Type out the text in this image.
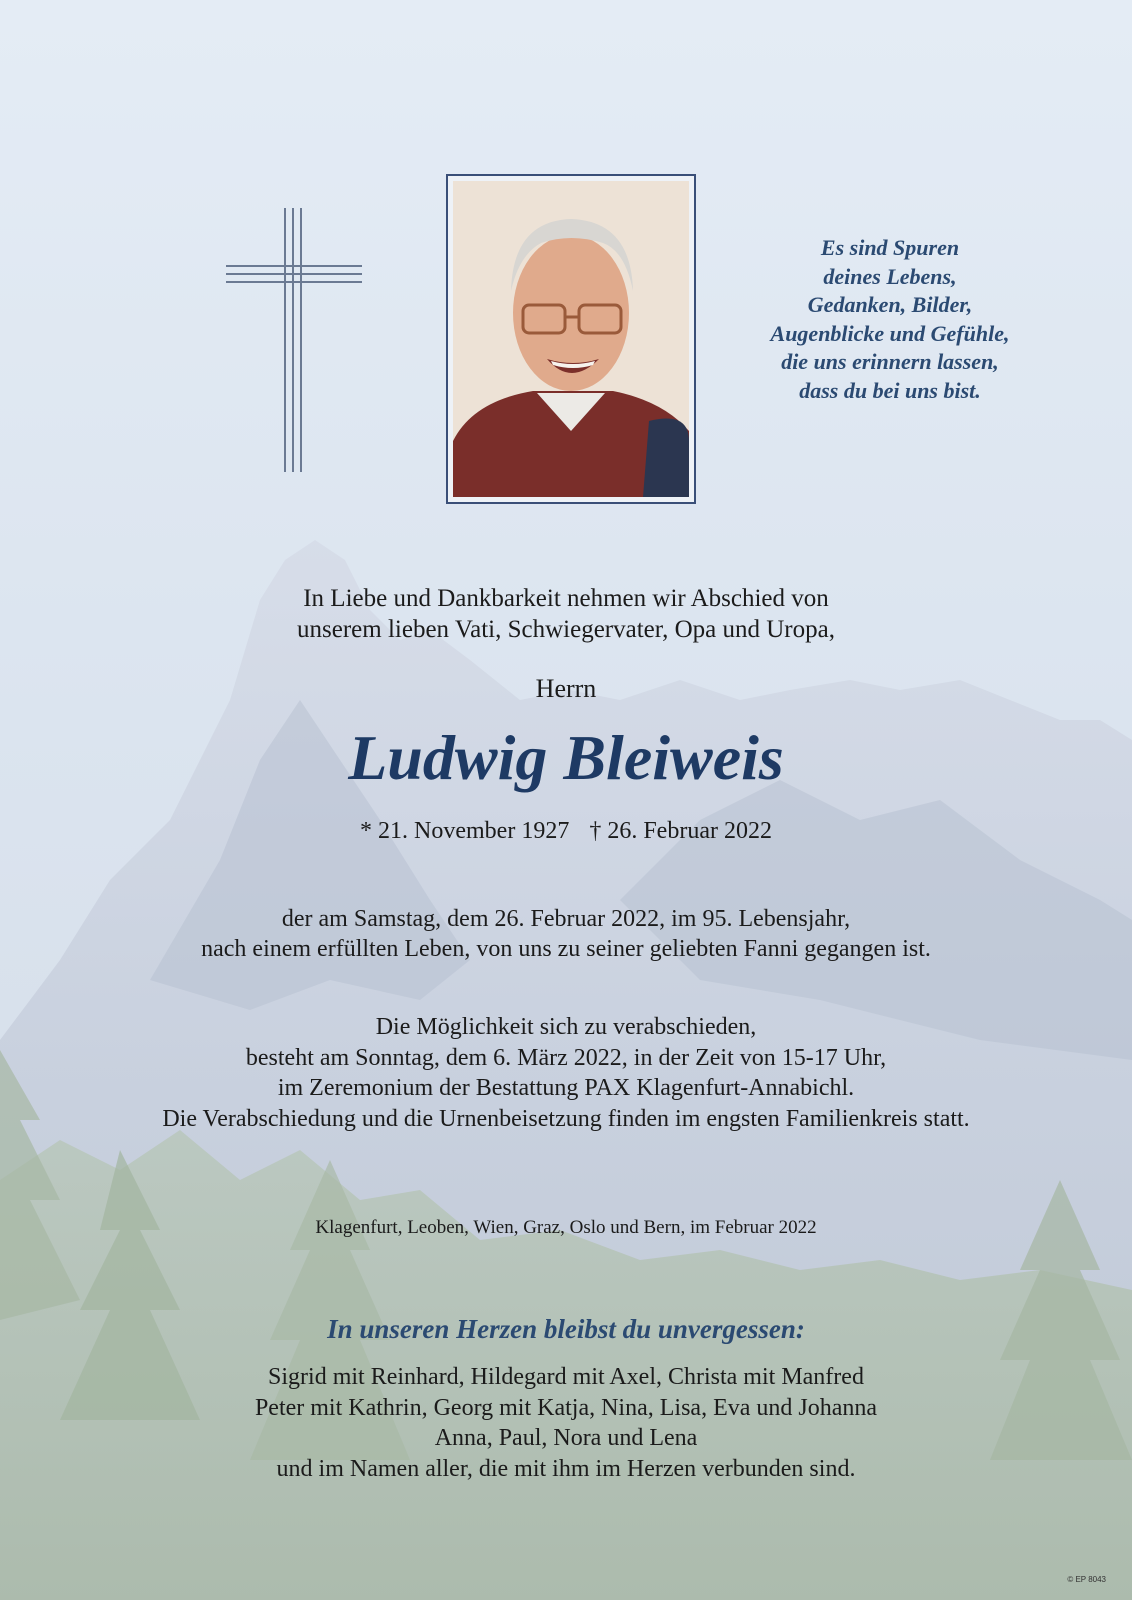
Es sind Spuren
deines Lebens,
Gedanken, Bilder,
Augenblicke und Gefühle,
die uns erinnern lassen,
dass du bei uns bist.
In Liebe und Dankbarkeit nehmen wir Abschied von
unserem lieben Vati, Schwiegervater, Opa und Uropa,
Herrn
Ludwig Bleiweis
* 21. November 1927 † 26. Februar 2022
der am Samstag, dem 26. Februar 2022, im 95. Lebensjahr,
nach einem erfüllten Leben, von uns zu seiner geliebten Fanni gegangen ist.
Die Möglichkeit sich zu verabschieden,
besteht am Sonntag, dem 6. März 2022, in der Zeit von 15-17 Uhr,
im Zeremonium der Bestattung PAX Klagenfurt-Annabichl.
Die Verabschiedung und die Urnenbeisetzung finden im engsten Familienkreis statt.
Klagenfurt, Leoben, Wien, Graz, Oslo und Bern, im Februar 2022
In unseren Herzen bleibst du unvergessen:
Sigrid mit Reinhard, Hildegard mit Axel, Christa mit Manfred
Peter mit Kathrin, Georg mit Katja, Nina, Lisa, Eva und Johanna
Anna, Paul, Nora und Lena
und im Namen aller, die mit ihm im Herzen verbunden sind.
© EP 8043
